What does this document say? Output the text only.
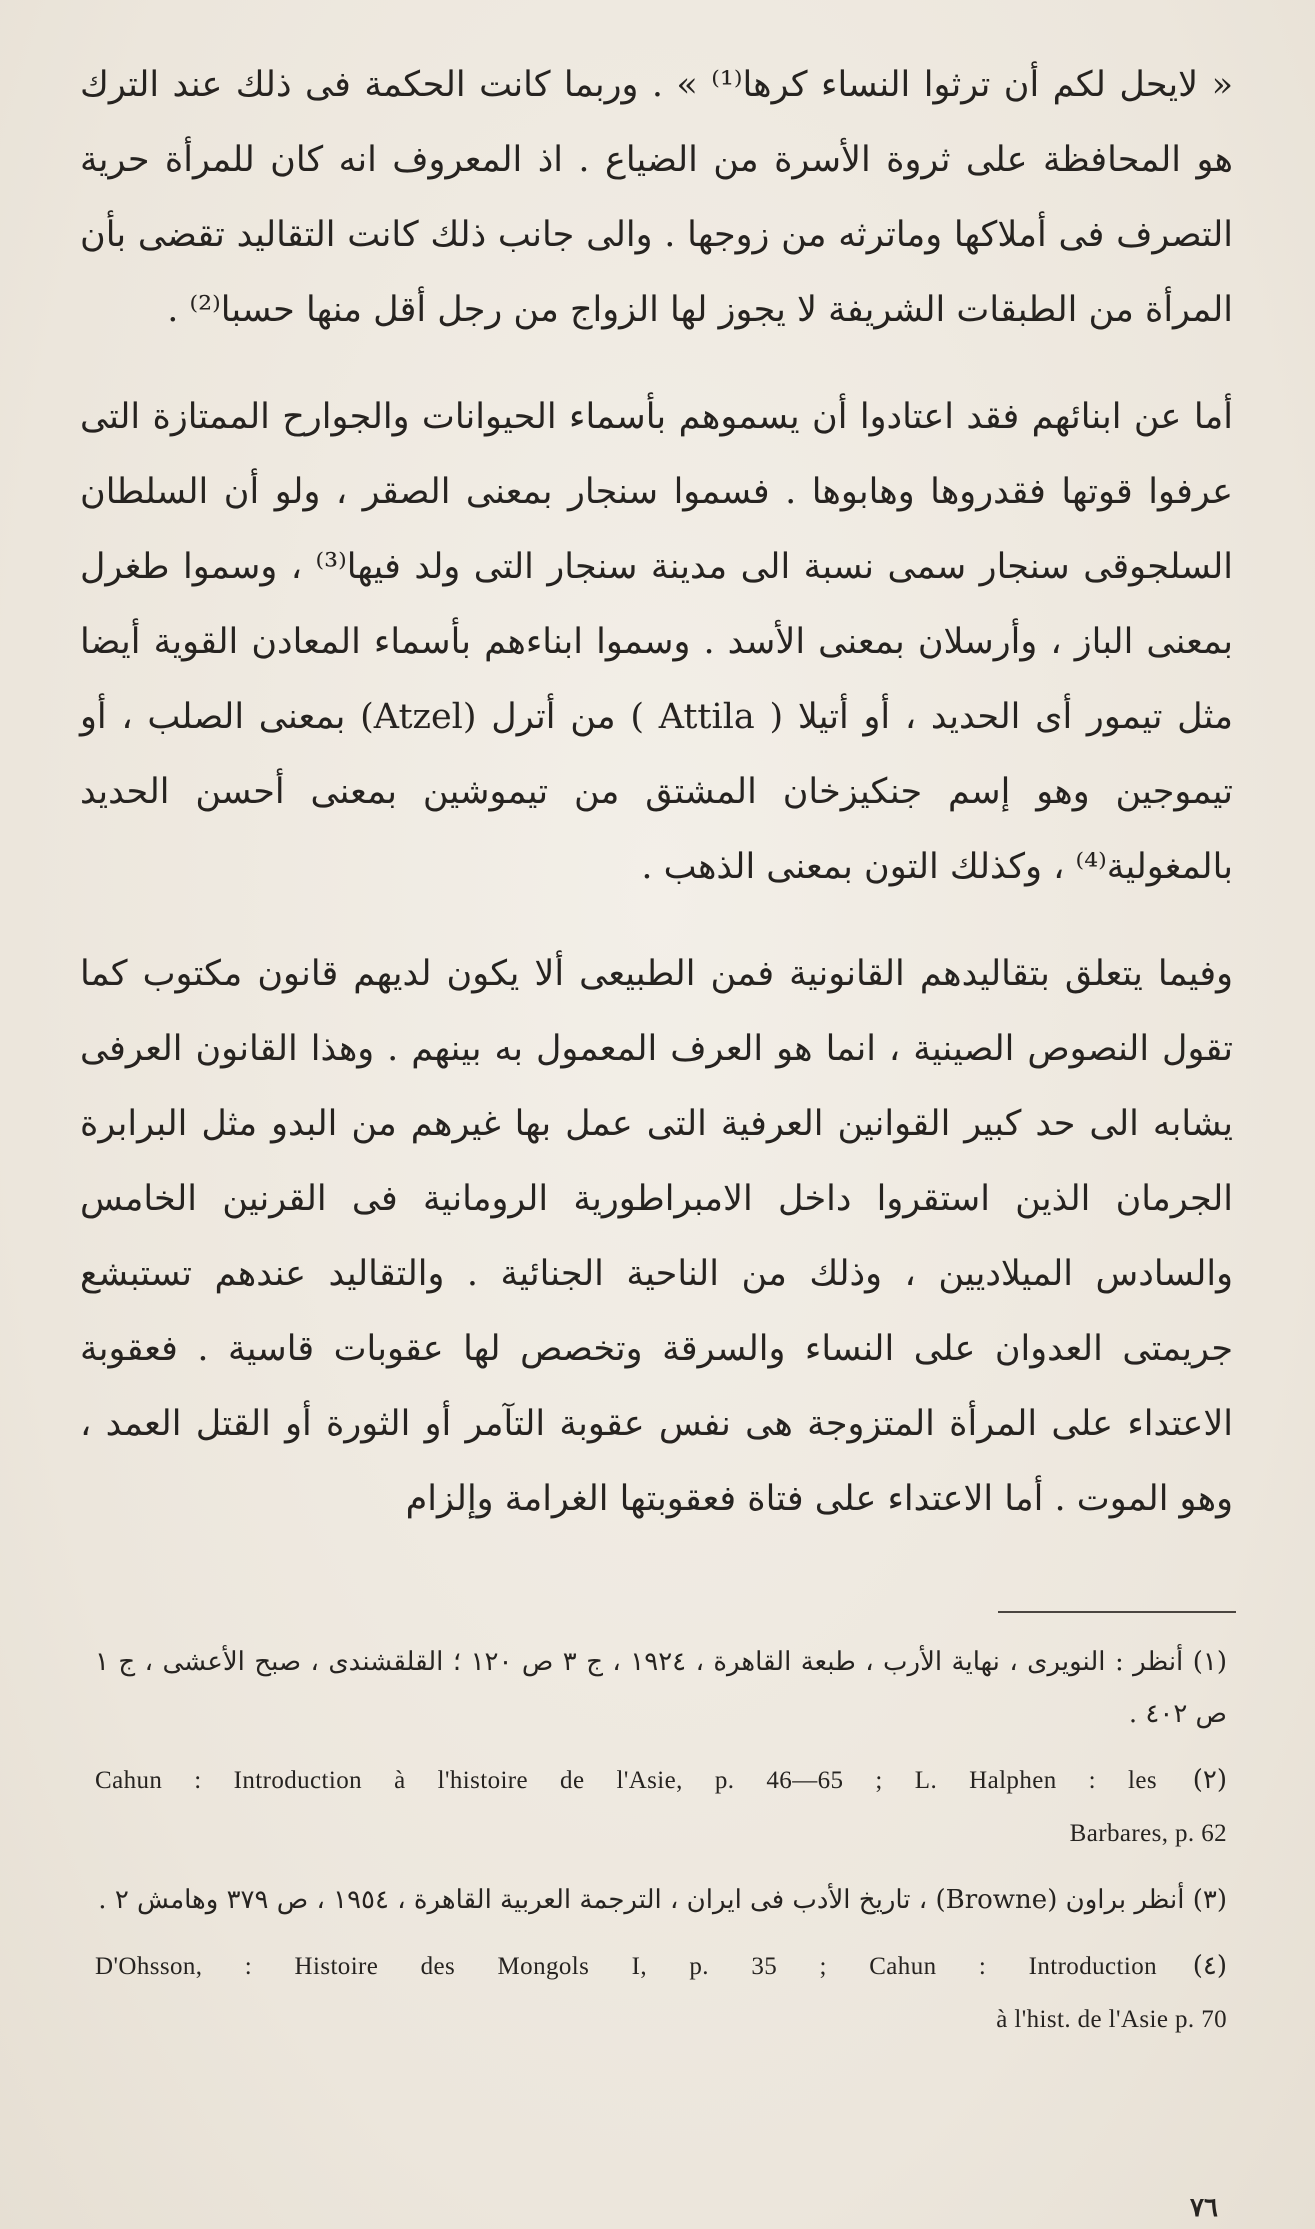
« لايحل لكم أن ترثوا النساء كرها⁽¹⁾ » . وربما كانت الحكمة فى ذلك عند الترك هو المحافظة على ثروة الأسرة من الضياع . اذ المعروف انه كان للمرأة حرية التصرف فى أملاكها وماترثه من زوجها . والى جانب ذلك كانت التقاليد تقضى بأن المرأة من الطبقات الشريفة لا يجوز لها الزواج من رجل أقل منها حسبا⁽²⁾ .

أما عن ابنائهم فقد اعتادوا أن يسموهم بأسماء الحيوانات والجوارح الممتازة التى عرفوا قوتها فقدروها وهابوها . فسموا سنجار بمعنى الصقر ، ولو أن السلطان السلجوقى سنجار سمى نسبة الى مدينة سنجار التى ولد فيها⁽³⁾ ، وسموا طغرل بمعنى الباز ، وأرسلان بمعنى الأسد . وسموا ابناءهم بأسماء المعادن القوية أيضا مثل تيمور أى الحديد ، أو أتيلا ( Attila ) من أترل (Atzel) بمعنى الصلب ، أو تيموجين وهو إسم جنكيزخان المشتق من تيموشين بمعنى أحسن الحديد بالمغولية⁽⁴⁾ ، وكذلك التون بمعنى الذهب .

وفيما يتعلق بتقاليدهم القانونية فمن الطبيعى ألا يكون لديهم قانون مكتوب كما تقول النصوص الصينية ، انما هو العرف المعمول به بينهم . وهذا القانون العرفى يشابه الى حد كبير القوانين العرفية التى عمل بها غيرهم من البدو مثل البرابرة الجرمان الذين استقروا داخل الامبراطورية الرومانية فى القرنين الخامس والسادس الميلاديين ، وذلك من الناحية الجنائية . والتقاليد عندهم تستبشع جريمتى العدوان على النساء والسرقة وتخصص لها عقوبات قاسية . فعقوبة الاعتداء على المرأة المتزوجة هى نفس عقوبة التآمر أو الثورة أو القتل العمد ، وهو الموت . أما الاعتداء على فتاة فعقوبتها الغرامة وإلزام

(١) أنظر : النويرى ، نهاية الأرب ، طبعة القاهرة ، ١٩٢٤ ، ج ٣ ص ١٢٠ ؛ القلقشندى ، صبح الأعشى ، ج ١ ص ٤٠٢ .
(٢)
Cahun : Introduction à l'histoire de l'Asie, p. 46—65 ; L. Halphen : les
Barbares, p. 62
(٣) أنظر براون (Browne) ، تاريخ الأدب فى ايران ، الترجمة العربية القاهرة ، ١٩٥٤ ، ص ٣٧٩ وهامش ٢ .
(٤)
D'Ohsson, : Histoire des Mongols I, p. 35 ; Cahun : Introduction
à l'hist. de l'Asie p. 70
٧٦
